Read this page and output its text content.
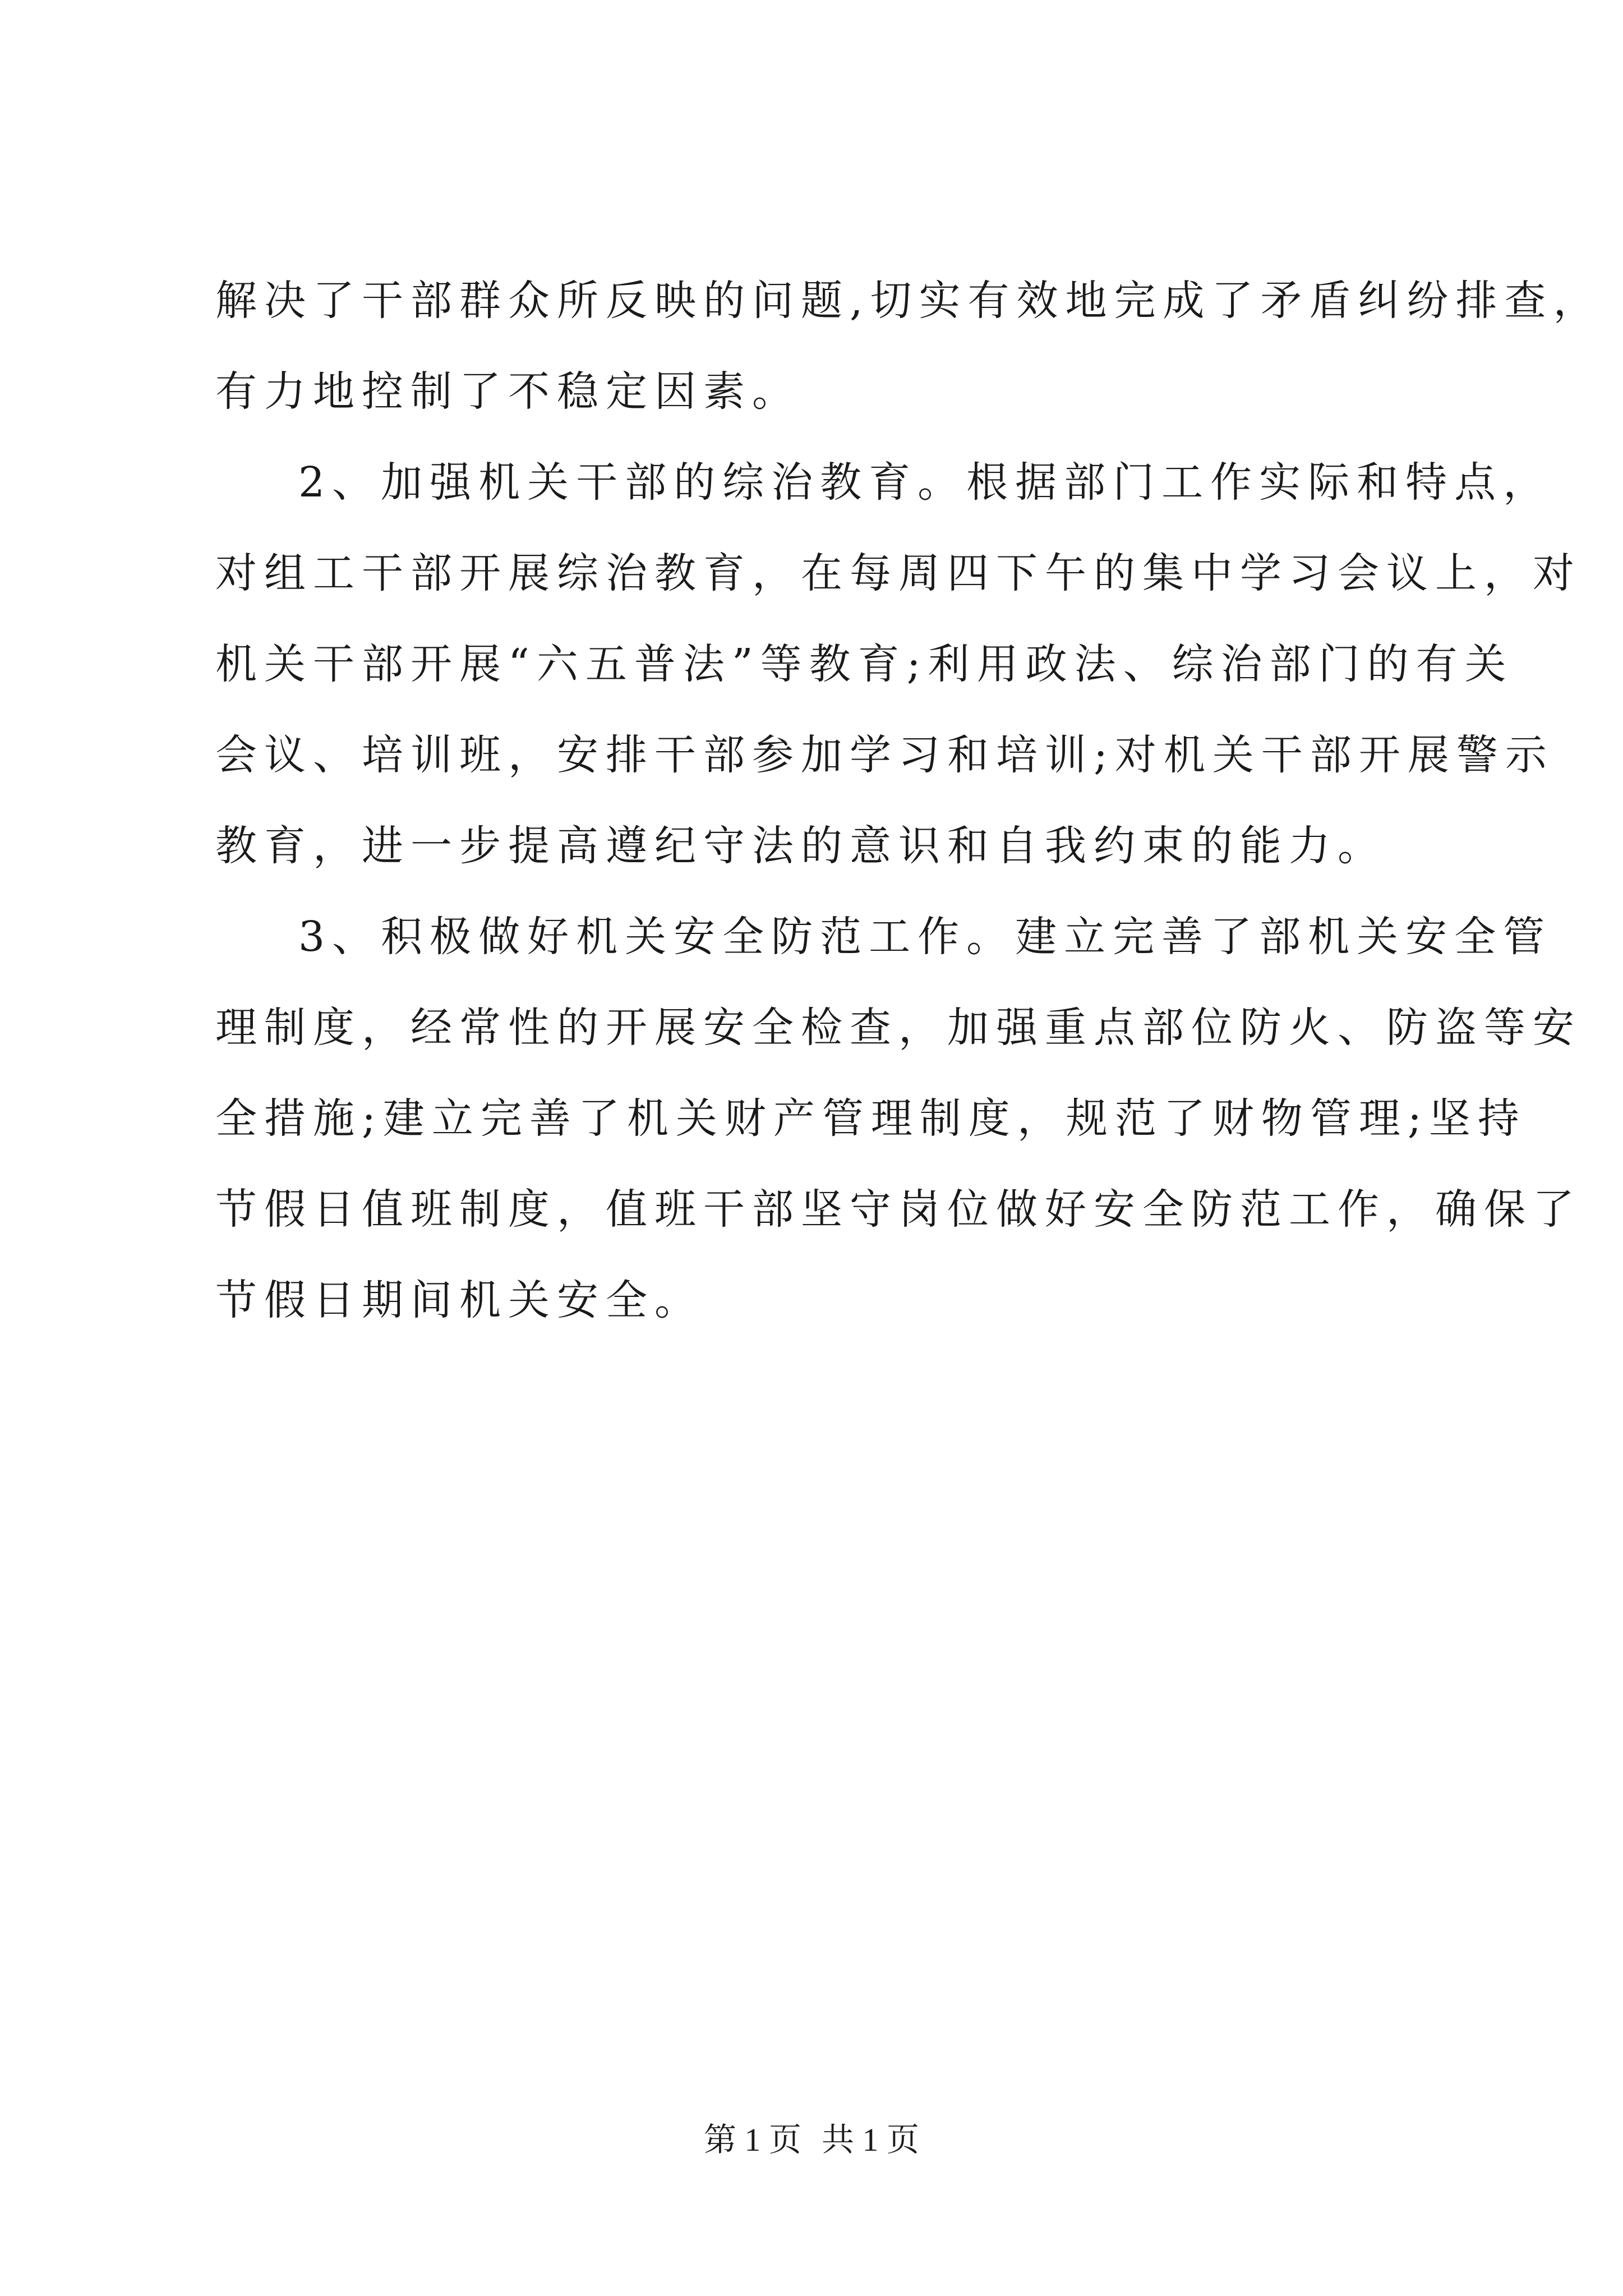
解决了干部群众所反映的问题,切实有效地完成了矛盾纠纷排查，
有力地控制了不稳定因素。
2、加强机关干部的综治教育。根据部门工作实际和特点，
对组工干部开展综治教育，在每周四下午的集中学习会议上，对
机关干部开展“六五普法”等教育;利用政法、综治部门的有关
会议、培训班，安排干部参加学习和培训;对机关干部开展警示
教育，进一步提高遵纪守法的意识和自我约束的能力。
3、积极做好机关安全防范工作。建立完善了部机关安全管
理制度，经常性的开展安全检查，加强重点部位防火、防盗等安
全措施;建立完善了机关财产管理制度，规范了财物管理;坚持
节假日值班制度，值班干部坚守岗位做好安全防范工作，确保了
节假日期间机关安全。
第 1 页 共 1 页
